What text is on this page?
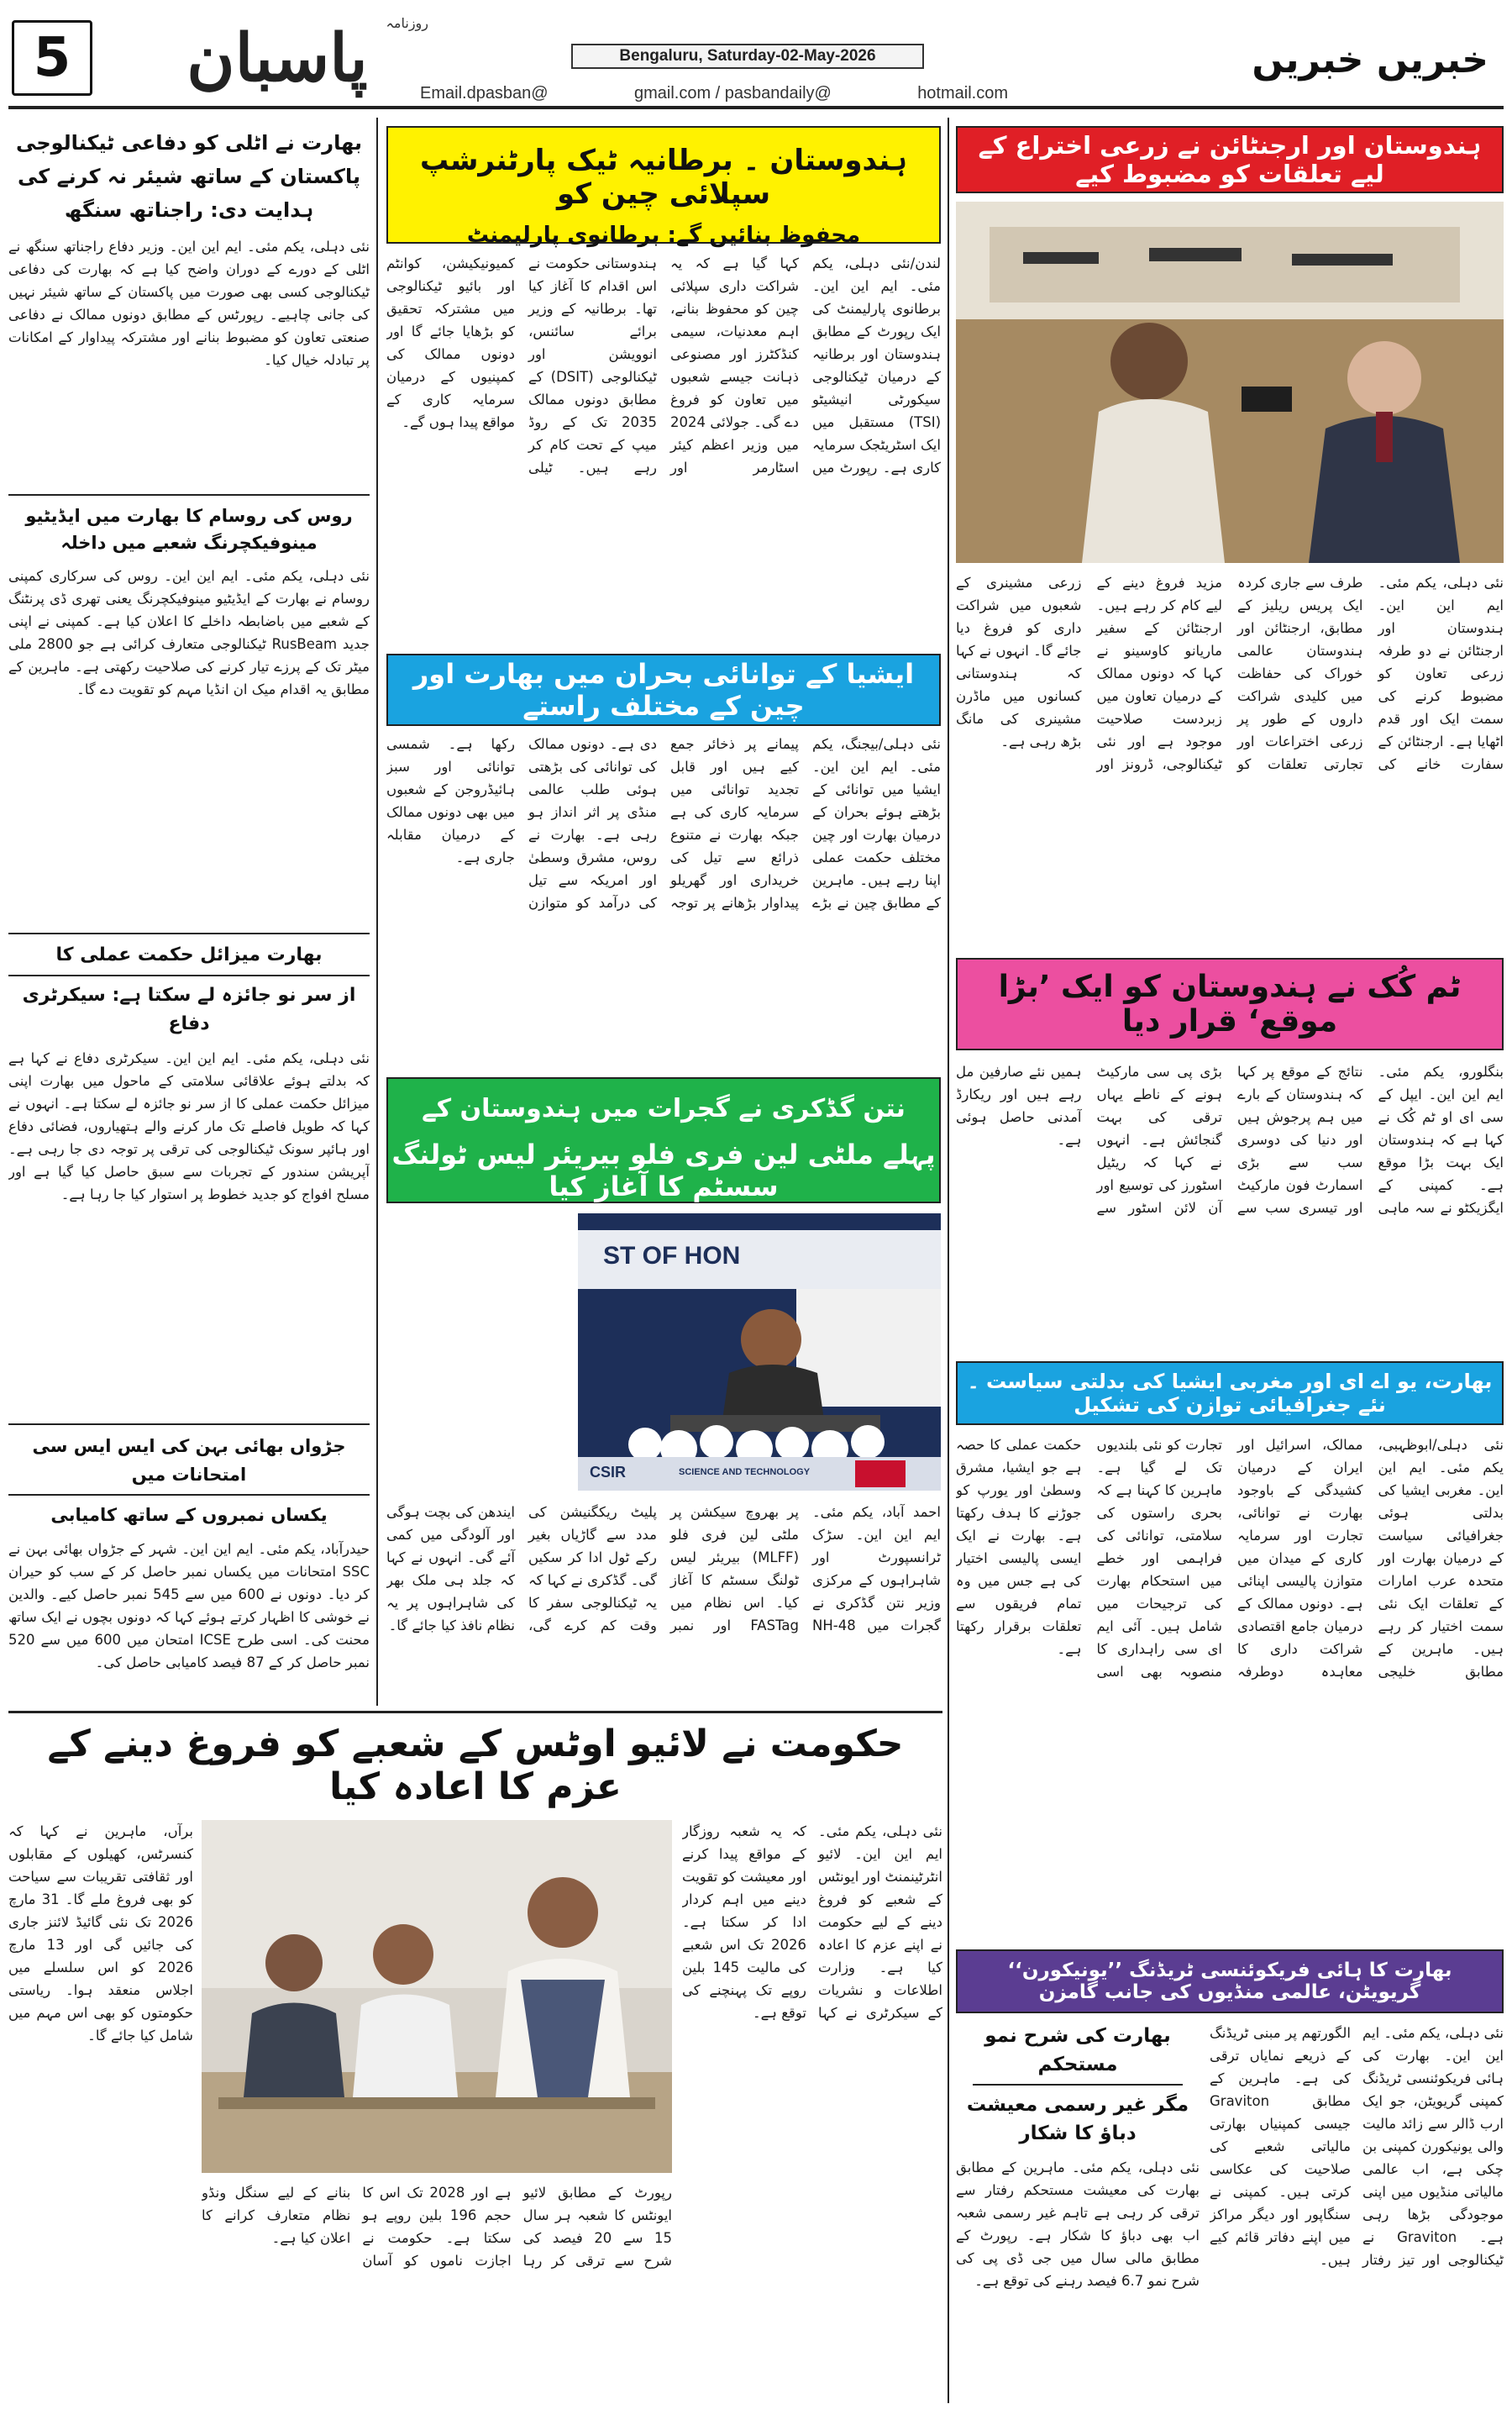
5 پاسبان روزنامہ
Bengaluru, Saturday-02-May-2026
Email.dpasban@	gmail.com / pasbandaily@	hotmail.com
خبریں خبریں
ہندوستان اور ارجنٹائن نے زرعی اختراع کے لیے تعلقات کو مضبوط کیے
نئی دہلی، یکم مئی۔ ایم این این۔ ہندوستان اور ارجنٹائن نے دو طرفہ زرعی تعاون کو مضبوط کرنے کی سمت ایک اور قدم اٹھایا ہے۔ ارجنٹائن کے سفارت خانے کی طرف سے جاری کردہ ایک پریس ریلیز کے مطابق، ارجنٹائن اور ہندوستان عالمی خوراک کی حفاظت میں کلیدی شراکت داروں کے طور پر زرعی اختراعات اور تجارتی تعلقات کو مزید فروغ دینے کے لیے کام کر رہے ہیں۔ ارجنٹائن کے سفیر ماریانو کاوسینو نے کہا کہ دونوں ممالک کے درمیان تعاون میں زبردست صلاحیت موجود ہے اور نئی ٹیکنالوجی، ڈرونز اور زرعی مشینری کے شعبوں میں شراکت داری کو فروغ دیا جائے گا۔ انہوں نے کہا کہ ہندوستانی کسانوں میں ماڈرن مشینری کی مانگ بڑھ رہی ہے۔
ٹم کُک نے ہندوستان کو ایک ’بڑا موقع‘ قرار دیا
بنگلورو، یکم مئی۔ ایم این این۔ ایپل کے سی ای او ٹم کُک نے کہا ہے کہ ہندوستان ایک بہت بڑا موقع ہے۔ کمپنی کے ایگزیکٹو نے سہ ماہی نتائج کے موقع پر کہا کہ ہندوستان کے بارے میں ہم پرجوش ہیں اور دنیا کی دوسری سب سے بڑی اسمارٹ فون مارکیٹ اور تیسری سب سے بڑی پی سی مارکیٹ ہونے کے ناطے یہاں ترقی کی بہت گنجائش ہے۔ انہوں نے کہا کہ ریٹیل اسٹورز کی توسیع اور آن لائن اسٹور سے ہمیں نئے صارفین مل رہے ہیں اور ریکارڈ آمدنی حاصل ہوئی ہے۔
بھارت، یو اے ای اور مغربی ایشیا کی بدلتی سیاست ۔ نئے جغرافیائی توازن کی تشکیل
نئی دہلی/ابوظہبی، یکم مئی۔ ایم این این۔ مغربی ایشیا کی بدلتی ہوئی جغرافیائی سیاست کے درمیان بھارت اور متحدہ عرب امارات کے تعلقات ایک نئی سمت اختیار کر رہے ہیں۔ ماہرین کے مطابق خلیجی ممالک، اسرائیل اور ایران کے درمیان کشیدگی کے باوجود بھارت نے توانائی، تجارت اور سرمایہ کاری کے میدان میں متوازن پالیسی اپنائی ہے۔ دونوں ممالک کے درمیان جامع اقتصادی شراکت داری کا معاہدہ دوطرفہ تجارت کو نئی بلندیوں تک لے گیا ہے۔ ماہرین کا کہنا ہے کہ بحری راستوں کی سلامتی، توانائی کی فراہمی اور خطے میں استحکام بھارت کی ترجیحات میں شامل ہیں۔ آئی ایم ای سی راہداری کا منصوبہ بھی اسی حکمت عملی کا حصہ ہے جو ایشیا، مشرق وسطیٰ اور یورپ کو جوڑنے کا ہدف رکھتا ہے۔ بھارت نے ایک ایسی پالیسی اختیار کی ہے جس میں وہ تمام فریقوں سے تعلقات برقرار رکھتا ہے۔
بھارت کا ہائی فریکوئنسی ٹریڈنگ ’’یونیکورن‘‘ گریویٹن، عالمی منڈیوں کی جانب گامزن
نئی دہلی، یکم مئی۔ ایم این این۔ بھارت کی ہائی فریکوئنسی ٹریڈنگ کمپنی گریویٹن، جو ایک ارب ڈالر سے زائد مالیت والی یونیکورن کمپنی بن چکی ہے، اب عالمی مالیاتی منڈیوں میں اپنی موجودگی بڑھا رہی ہے۔ Graviton نے ٹیکنالوجی اور تیز رفتار الگورتھم پر مبنی ٹریڈنگ کے ذریعے نمایاں ترقی کی ہے۔ ماہرین کے مطابق Graviton جیسی کمپنیاں بھارتی مالیاتی شعبے کی صلاحیت کی عکاسی کرتی ہیں۔ کمپنی نے سنگاپور اور دیگر مراکز میں اپنے دفاتر قائم کیے ہیں۔
بھارت کی شرح نمو مستحکم
مگر غیر رسمی معیشت دباؤ کا شکار
نئی دہلی، یکم مئی۔ ماہرین کے مطابق بھارت کی معیشت مستحکم رفتار سے ترقی کر رہی ہے تاہم غیر رسمی شعبہ اب بھی دباؤ کا شکار ہے۔ رپورٹ کے مطابق مالی سال میں جی ڈی پی کی شرح نمو 6.7 فیصد رہنے کی توقع ہے۔
ہندوستان ۔ برطانیہ ٹیک پارٹنرشپ سپلائی چین کو
محفوظ بنائیں گے: برطانوی پارلیمنٹ
لندن/نئی دہلی، یکم مئی۔ ایم این این۔ برطانوی پارلیمنٹ کی ایک رپورٹ کے مطابق ہندوستان اور برطانیہ کے درمیان ٹیکنالوجی سیکورٹی انیشیٹو (TSI) مستقبل میں ایک اسٹریٹجک سرمایہ کاری ہے۔ رپورٹ میں کہا گیا ہے کہ یہ شراکت داری سپلائی چین کو محفوظ بنانے، اہم معدنیات، سیمی کنڈکٹرز اور مصنوعی ذہانت جیسے شعبوں میں تعاون کو فروغ دے گی۔ جولائی 2024 میں وزیر اعظم کیئر اسٹارمر اور ہندوستانی حکومت نے اس اقدام کا آغاز کیا تھا۔ برطانیہ کے وزیر برائے سائنس، انوویشن اور ٹیکنالوجی (DSIT) کے مطابق دونوں ممالک 2035 تک کے روڈ میپ کے تحت کام کر رہے ہیں۔ ٹیلی کمیونیکیشن، کوانٹم اور بائیو ٹیکنالوجی میں مشترکہ تحقیق کو بڑھایا جائے گا اور دونوں ممالک کی کمپنیوں کے درمیان سرمایہ کاری کے مواقع پیدا ہوں گے۔
ایشیا کے توانائی بحران میں بھارت اور چین کے مختلف راستے
نئی دہلی/بیجنگ، یکم مئی۔ ایم این این۔ ایشیا میں توانائی کے بڑھتے ہوئے بحران کے درمیان بھارت اور چین مختلف حکمت عملی اپنا رہے ہیں۔ ماہرین کے مطابق چین نے بڑے پیمانے پر ذخائر جمع کیے ہیں اور قابل تجدید توانائی میں سرمایہ کاری کی ہے جبکہ بھارت نے متنوع ذرائع سے تیل کی خریداری اور گھریلو پیداوار بڑھانے پر توجہ دی ہے۔ دونوں ممالک کی توانائی کی بڑھتی ہوئی طلب عالمی منڈی پر اثر انداز ہو رہی ہے۔ بھارت نے روس، مشرق وسطیٰ اور امریکہ سے تیل کی درآمد کو متوازن رکھا ہے۔ شمسی توانائی اور سبز ہائیڈروجن کے شعبوں میں بھی دونوں ممالک کے درمیان مقابلہ جاری ہے۔
نتن گڈکری نے گجرات میں ہندوستان کے
پہلے ملٹی لین فری فلو بیریئر لیس ٹولنگ سسٹم کا آغاز کیا
ST OF HON
CSIR	SCIENCE AND TECHNOLOGY
احمد آباد، یکم مئی۔ ایم این این۔ سڑک ٹرانسپورٹ اور شاہراہوں کے مرکزی وزیر نتن گڈکری نے گجرات میں NH-48 پر بھروچ سیکشن پر ملٹی لین فری فلو (MLFF) بیریئر لیس ٹولنگ سسٹم کا آغاز کیا۔ اس نظام میں FASTag اور نمبر پلیٹ ریکگنیشن کی مدد سے گاڑیاں بغیر رکے ٹول ادا کر سکیں گی۔ گڈکری نے کہا کہ یہ ٹیکنالوجی سفر کا وقت کم کرے گی، ایندھن کی بچت ہوگی اور آلودگی میں کمی آئے گی۔ انہوں نے کہا کہ جلد ہی ملک بھر کی شاہراہوں پر یہ نظام نافذ کیا جائے گا۔
بھارت نے اٹلی کو دفاعی ٹیکنالوجی پاکستان کے ساتھ شیئر نہ کرنے کی ہدایت دی: راجناتھ سنگھ
نئی دہلی، یکم مئی۔ ایم این این۔ وزیر دفاع راجناتھ سنگھ نے اٹلی کے دورے کے دوران واضح کیا ہے کہ بھارت کی دفاعی ٹیکنالوجی کسی بھی صورت میں پاکستان کے ساتھ شیئر نہیں کی جانی چاہیے۔ رپورٹس کے مطابق دونوں ممالک نے دفاعی صنعتی تعاون کو مضبوط بنانے اور مشترکہ پیداوار کے امکانات پر تبادلہ خیال کیا۔
روس کی روسام کا بھارت میں ایڈیٹیو مینوفیکچرنگ شعبے میں داخلہ
نئی دہلی، یکم مئی۔ ایم این این۔ روس کی سرکاری کمپنی روسام نے بھارت کے ایڈیٹیو مینوفیکچرنگ یعنی تھری ڈی پرنٹنگ کے شعبے میں باضابطہ داخلے کا اعلان کیا ہے۔ کمپنی نے اپنی جدید RusBeam ٹیکنالوجی متعارف کرائی ہے جو 2800 ملی میٹر تک کے پرزے تیار کرنے کی صلاحیت رکھتی ہے۔ ماہرین کے مطابق یہ اقدام میک ان انڈیا مہم کو تقویت دے گا۔
بھارت میزائل حکمت عملی کا
از سر نو جائزہ لے سکتا ہے: سیکرٹری دفاع
نئی دہلی، یکم مئی۔ ایم این این۔ سیکرٹری دفاع نے کہا ہے کہ بدلتے ہوئے علاقائی سلامتی کے ماحول میں بھارت اپنی میزائل حکمت عملی کا از سر نو جائزہ لے سکتا ہے۔ انہوں نے کہا کہ طویل فاصلے تک مار کرنے والے ہتھیاروں، فضائی دفاع اور ہائپر سونک ٹیکنالوجی کی ترقی پر توجہ دی جا رہی ہے۔ آپریشن سندور کے تجربات سے سبق حاصل کیا گیا ہے اور مسلح افواج کو جدید خطوط پر استوار کیا جا رہا ہے۔
جڑواں بھائی بہن کی ایس ایس سی امتحانات میں
یکساں نمبروں کے ساتھ کامیابی
حیدرآباد، یکم مئی۔ ایم این این۔ شہر کے جڑواں بھائی بہن نے SSC امتحانات میں یکساں نمبر حاصل کر کے سب کو حیران کر دیا۔ دونوں نے 600 میں سے 545 نمبر حاصل کیے۔ والدین نے خوشی کا اظہار کرتے ہوئے کہا کہ دونوں بچوں نے ایک ساتھ محنت کی۔ اسی طرح ICSE امتحان میں 600 میں سے 520 نمبر حاصل کر کے 87 فیصد کامیابی حاصل کی۔
حکومت نے لائیو اوٹس کے شعبے کو فروغ دینے کے عزم کا اعادہ کیا
نئی دہلی، یکم مئی۔ ایم این این۔ لائیو انٹرٹینمنٹ اور ایونٹس کے شعبے کو فروغ دینے کے لیے حکومت نے اپنے عزم کا اعادہ کیا ہے۔ وزارت اطلاعات و نشریات کے سیکرٹری نے کہا کہ یہ شعبہ روزگار کے مواقع پیدا کرنے اور معیشت کو تقویت دینے میں اہم کردار ادا کر سکتا ہے۔ 2026 تک اس شعبے کی مالیت 145 بلین روپے تک پہنچنے کی توقع ہے۔
برآں، ماہرین نے کہا کہ کنسرٹس، کھیلوں کے مقابلوں اور ثقافتی تقریبات سے سیاحت کو بھی فروغ ملے گا۔ 31 مارچ 2026 تک نئی گائیڈ لائنز جاری کی جائیں گی اور 13 مارچ 2026 کو اس سلسلے میں اجلاس منعقد ہوا۔ ریاستی حکومتوں کو بھی اس مہم میں شامل کیا جائے گا۔
رپورٹ کے مطابق لائیو ایونٹس کا شعبہ ہر سال 15 سے 20 فیصد کی شرح سے ترقی کر رہا ہے اور 2028 تک اس کا حجم 196 بلین روپے ہو سکتا ہے۔ حکومت نے اجازت ناموں کو آسان بنانے کے لیے سنگل ونڈو نظام متعارف کرانے کا اعلان کیا ہے۔
